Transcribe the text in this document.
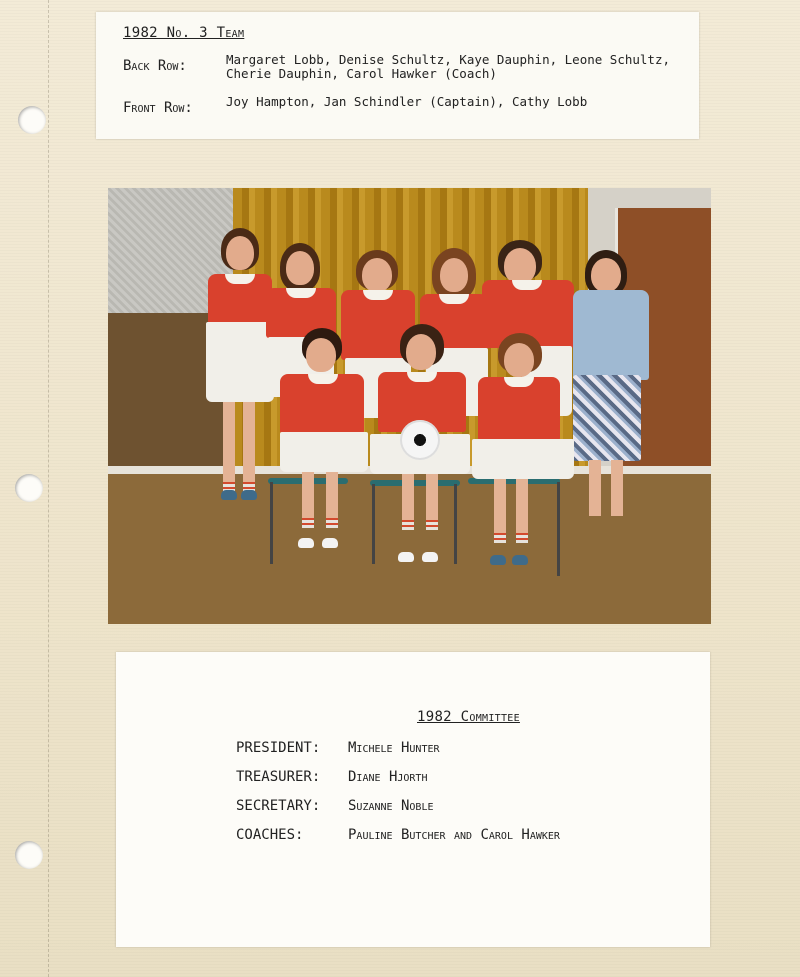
1982 No. 3 Team
Back Row:	Margaret Lobb, Denise Schultz, Kaye Dauphin, Leone Schultz, Cherie Dauphin, Carol Hawker (Coach)
Front Row:	Joy Hampton, Jan Schindler (Captain), Cathy Lobb
1982 Committee
PRESIDENT: Michele Hunter
TREASURER: Diane Hjorth
SECRETARY: Suzanne Noble
COACHES:	Pauline Butcher and Carol Hawker
